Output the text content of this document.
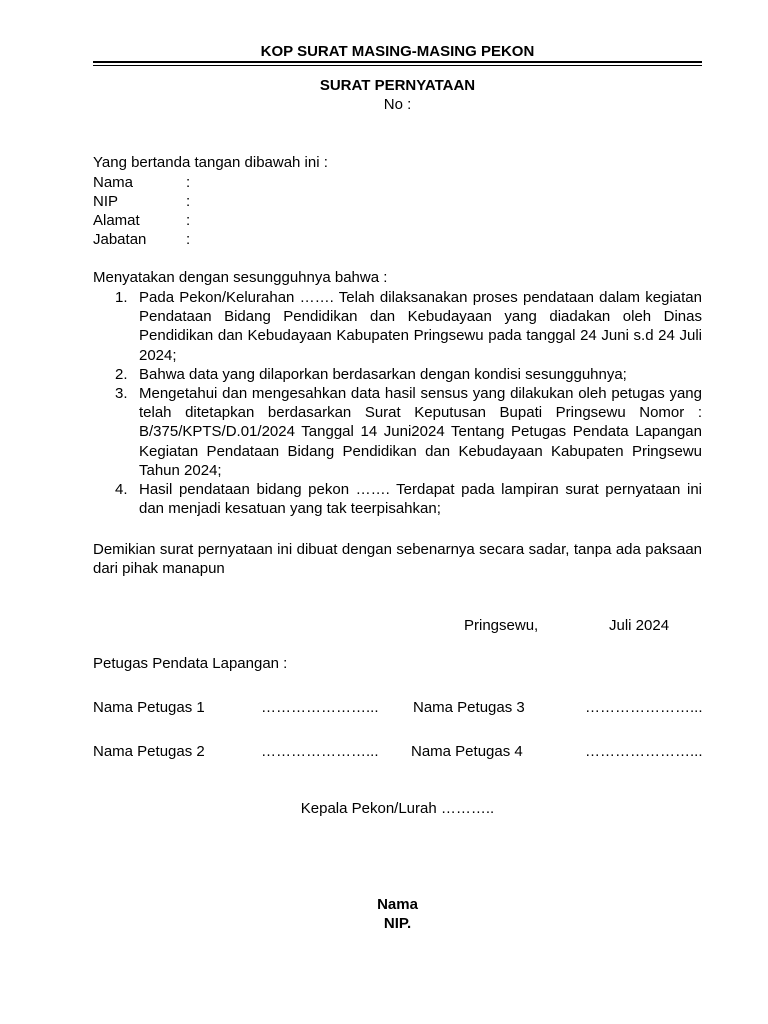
KOP SURAT MASING-MASING PEKON
SURAT PERNYATAAN
No :
Yang bertanda tangan dibawah ini :
Nama	:
NIP	:
Alamat	:
Jabatan	:
Menyatakan dengan sesungguhnya bahwa :
1. Pada Pekon/Kelurahan ……. Telah dilaksanakan proses pendataan dalam kegiatan Pendataan Bidang Pendidikan dan Kebudayaan yang diadakan oleh Dinas Pendidikan dan Kebudayaan Kabupaten Pringsewu pada tanggal 24 Juni s.d 24 Juli 2024;
2. Bahwa data yang dilaporkan berdasarkan dengan kondisi sesungguhnya;
3. Mengetahui dan mengesahkan data hasil sensus yang dilakukan oleh petugas yang telah ditetapkan berdasarkan Surat Keputusan Bupati Pringsewu Nomor : B/375/KPTS/D.01/2024 Tanggal 14 Juni2024 Tentang Petugas Pendata Lapangan Kegiatan Pendataan Bidang Pendidikan dan Kebudayaan Kabupaten Pringsewu Tahun 2024;
4. Hasil pendataan bidang pekon ……. Terdapat pada lampiran surat pernyataan ini dan menjadi kesatuan yang tak teerpisahkan;
Demikian surat pernyataan ini dibuat dengan sebenarnya secara sadar, tanpa ada paksaan dari pihak manapun
Pringsewu,	Juli 2024
Petugas Pendata Lapangan :
Nama Petugas 1	…………………... Nama Petugas 3	…………………...
Nama Petugas 2	…………………... Nama Petugas 4	…………………...
Kepala Pekon/Lurah ………..
Nama
NIP.
